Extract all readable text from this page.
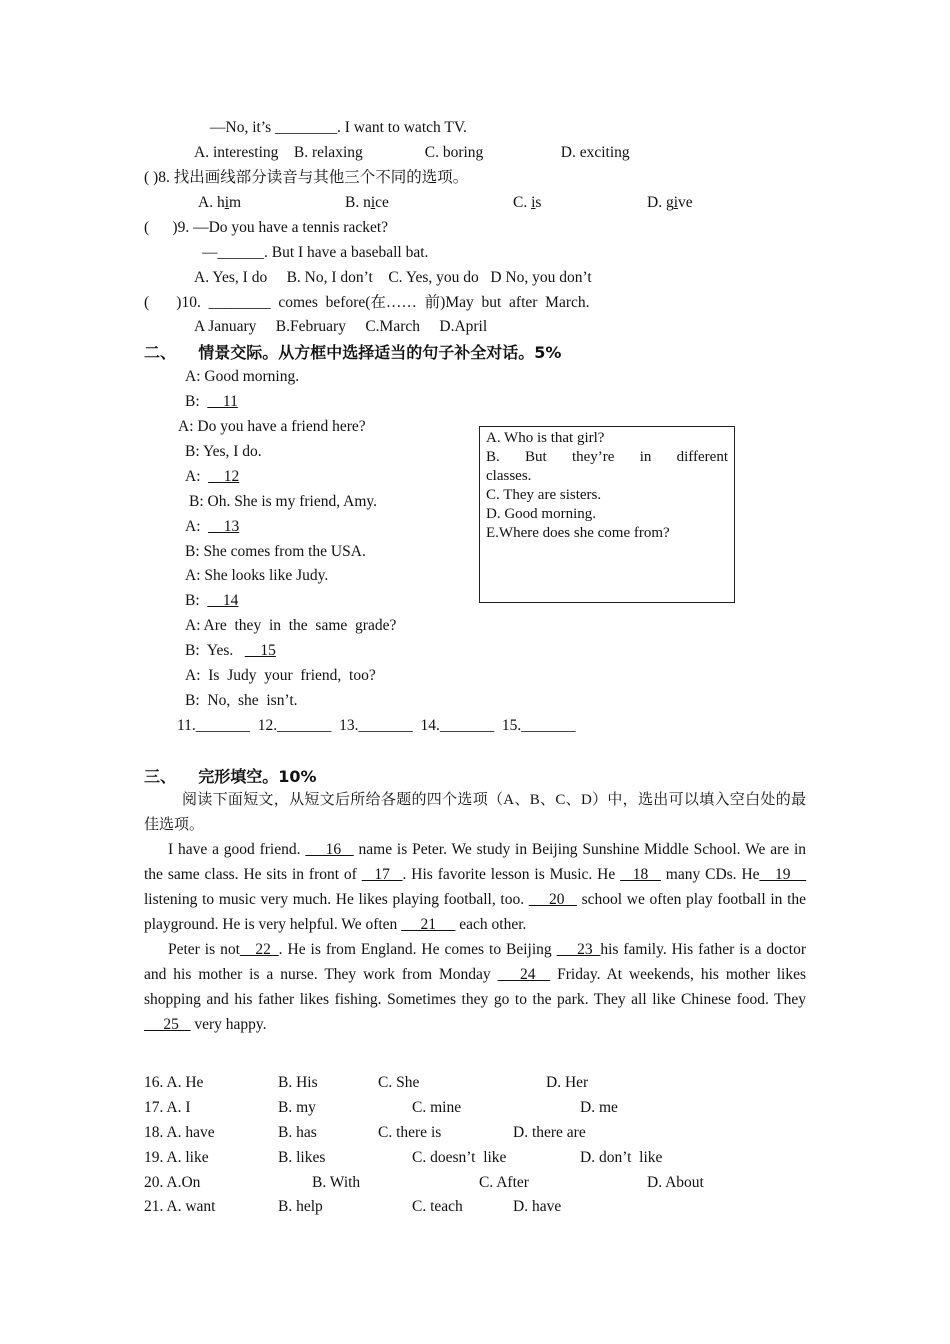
—No, it’s ________. I want to watch TV.
A. interesting    B. relaxing                C. boring                    D. exciting
( )8. 找出画线部分读音与其他三个不同的选项。
A. him	B. nice	C. is	D. give
(      )9. —Do you have a tennis racket?
—______. But I have a baseball bat.
A. Yes, I do     B. No, I don’t    C. Yes, you do   D No, you don’t
(       )10.  ________  comes  before(在……  前)May  but  after  March.
A January     B.February     C.March     D.April
二、    情景交际。从方框中选择适当的句子补全对话。5%
A: Good morning.
B:  __11
A: Do you have a friend here?
B: Yes, I do.
A:  __12
B: Oh. She is my friend, Amy.
A:  __13
B: She comes from the USA.
A: She looks like Judy.
B:  __14
A: Are  they  in  the  same  grade?
B:  Yes.   __15
A:  Is  Judy  your  friend,  too?
B:  No,  she  isn’t.
11._______  12._______  13._______  14._______  15._______
A. Who is that girl?
B. But they’re in different
classes.
C. They are sisters.
D. Good morning.
E.Where does she come from?
三、    完形填空。10%
阅读下面短文，从短文后所给各题的四个选项（A、B、C、D）中，选出可以填入空白处的最佳选项。
I have a good friend.  __16_  name is Peter. We study in Beijing Sunshine Middle School. We are in the same class. He sits in front of  _17_ . His favorite lesson is Music. He  _18_  many CDs. He__19__ listening to music very much. He likes playing football, too.  __20_  school we often play football in the playground. He is very helpful. We often  __21__  each other.
Peter is not__22_. He is from England. He comes to Beijing  __23_his family. His father is a doctor and his mother is a nurse. They work from Monday  __24_  Friday. At weekends, his mother likes shopping and his father likes fishing. Sometimes they go to the park. They all like Chinese food. They  __25_  very happy.
16. A. He	B. His	C. She	D. Her
17. A. I	B. my	C. mine	D. me
18. A. have	B. has	C. there is	D. there are
19. A. like	B. likes	C. doesn’t  like	D. don’t  like
20. A.On	B. With	C. After	D. About
21. A. want	B. help	C. teach	D. have
